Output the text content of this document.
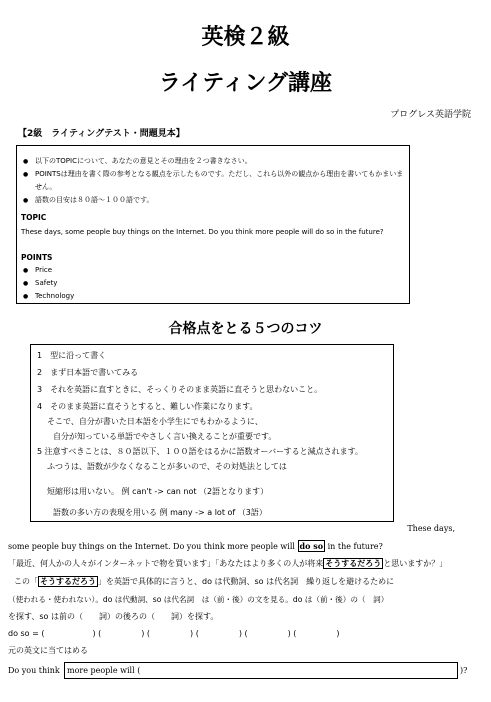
英検２級
ライティング講座
プログレス英語学院
【2級　ライティングテスト・問題見本】
● 以下のTOPICについて、あなたの意見とその理由を２つ書きなさい。
● POINTSは理由を書く際の参考となる観点を示したものです。ただし、これら以外の観点から理由を書いてもかまいません。
● 語数の目安は８０語〜１００語です。
TOPIC
These days, some people buy things on the Internet. Do you think more people will do so in the future?
POINTS
● Price
● Safety
● Technology
合格点をとる５つのコツ
1　型に沿って書く
2　まず日本語で書いてみる
3　それを英語に直すときに、そっくりそのまま英語に直そうと思わないこと。
4　そのまま英語に直そうとすると、難しい作業になります。
そこで、自分が書いた日本語を小学生にでもわかるように、
自分が知っている単語でやさしく言い換えることが重要です。
5 注意すべきことは、８０語以下、１００語をはるかに語数オーバーすると減点されます。
ふつうは、語数が少なくなることが多いので、その対処法としては
短縮形は用いない。 例 can't -> can not （2語となります）
語数の多い方の表現を用いる 例 many -> a lot of （3語）
These days,
some people buy things on the Internet. Do you think more people will do so in the future?
「最近、何人かの人々がインターネットで物を買います」「あなたはより多くの人が将来 そうするだろう と思いますか？」
この「 そうするだろう 」を英語で具体的に言うと、do は代動詞、so は代名詞　繰り返しを避けるために
（使われる・使われない）。do は代動詞、so は代名詞　は（前・後）の文を見る。do は（前・後）の（　詞）
を探す、so は前の（　　詞）の後ろの（　　詞）を探す。
do so = (　　　　　　) (　　　　　) (　　　　　) (　　　　　) (　　　　　) (　　　　　)
元の英文に当てはめる
Do you think more people will (	)?
